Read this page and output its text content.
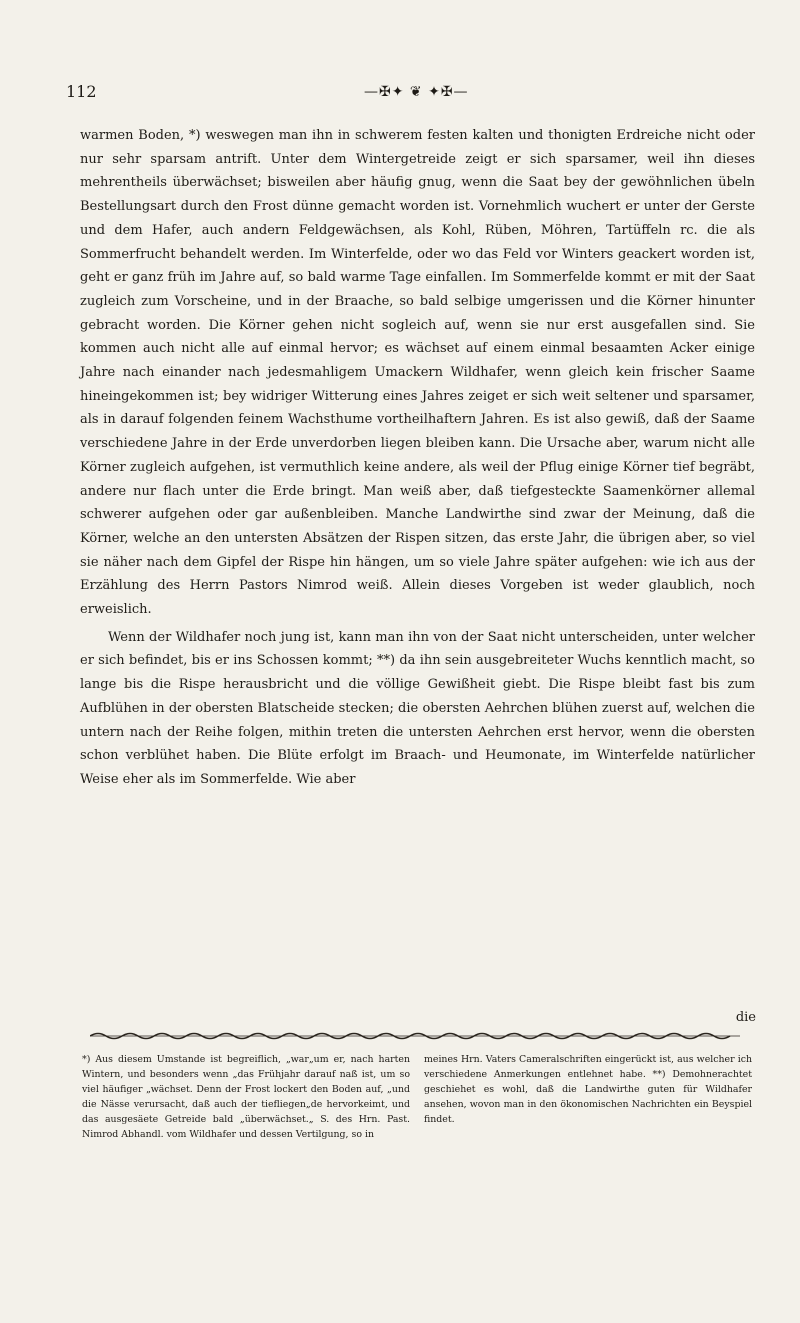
112	—✠✦ ❦ ✦✠—

warmen Boden, *) weswegen man ihn in schwerem festen kalten und thonigten Erdreiche nicht oder nur sehr sparsam antrift. Unter dem Wintergetreide zeigt er sich sparsamer, weil ihn dieses mehrentheils überwächset; bisweilen aber häufig gnug, wenn die Saat bey der gewöhnlichen übeln Bestellungsart durch den Frost dünne gemacht worden ist. Vornehmlich wuchert er unter der Gerste und dem Hafer, auch andern Feldgewächsen, als Kohl, Rüben, Möhren, Tartüffeln rc. die als Sommerfrucht behandelt werden. Im Winterfelde, oder wo das Feld vor Winters geackert worden ist, geht er ganz früh im Jahre auf, so bald warme Tage einfallen. Im Sommerfelde kommt er mit der Saat zugleich zum Vorscheine, und in der Braache, so bald selbige umgerissen und die Körner hinunter gebracht worden. Die Körner gehen nicht sogleich auf, wenn sie nur erst ausgefallen sind. Sie kommen auch nicht alle auf einmal hervor; es wächset auf einem einmal besaamten Acker einige Jahre nach einander nach jedesmahligem Umackern Wildhafer, wenn gleich kein frischer Saame hineingekommen ist; bey widriger Witterung eines Jahres zeiget er sich weit seltener und sparsamer, als in darauf folgenden feinem Wachsthume vortheilhaftern Jahren. Es ist also gewiß, daß der Saame verschiedene Jahre in der Erde unverdorben liegen bleiben kann. Die Ursache aber, warum nicht alle Körner zugleich aufgehen, ist vermuthlich keine andere, als weil der Pflug einige Körner tief begräbt, andere nur flach unter die Erde bringt. Man weiß aber, daß tiefgesteckte Saamenkörner allemal schwerer aufgehen oder gar außenbleiben. Manche Landwirthe sind zwar der Meinung, daß die Körner, welche an den untersten Absätzen der Rispen sitzen, das erste Jahr, die übrigen aber, so viel sie näher nach dem Gipfel der Rispe hin hängen, um so viele Jahre später aufgehen: wie ich aus der Erzählung des Herrn Pastors Nimrod weiß. Allein dieses Vorgeben ist weder glaublich, noch erweislich.

Wenn der Wildhafer noch jung ist, kann man ihn von der Saat nicht unterscheiden, unter welcher er sich befindet, bis er ins Schossen kommt; **) da ihn sein ausgebreiteter Wuchs kenntlich macht, so lange bis die Rispe herausbricht und die völlige Gewißheit giebt. Die Rispe bleibt fast bis zum Aufblühen in der obersten Blatscheide stecken; die obersten Aehrchen blühen zuerst auf, welchen die untern nach der Reihe folgen, mithin treten die untersten Aehrchen erst hervor, wenn die obersten schon verblühet haben. Die Blüte erfolgt im Braach- und Heumonate, im Winterfelde natürlicher Weise eher als im Sommerfelde. Wie aber

die

*) Aus diesem Umstande ist begreiflich, „war„um er, nach harten Wintern, und besonders wenn „das Frühjahr darauf naß ist, um so viel häufiger „wächset. Denn der Frost lockert den Boden auf, „und die Nässe verursacht, daß auch der tiefliegen„de hervorkeimt, und das ausgesäete Getreide bald „überwächset.„ S. des Hrn. Past. Nimrod Abhandl. vom Wildhafer und dessen Vertilgung, so in

meines Hrn. Vaters Cameralschriften eingerückt ist, aus welcher ich verschiedene Anmerkungen entlehnet habe. **) Demohnerachtet geschiehet es wohl, daß die Landwirthe guten für Wildhafer ansehen, wovon man in den ökonomischen Nachrichten ein Beyspiel findet.
